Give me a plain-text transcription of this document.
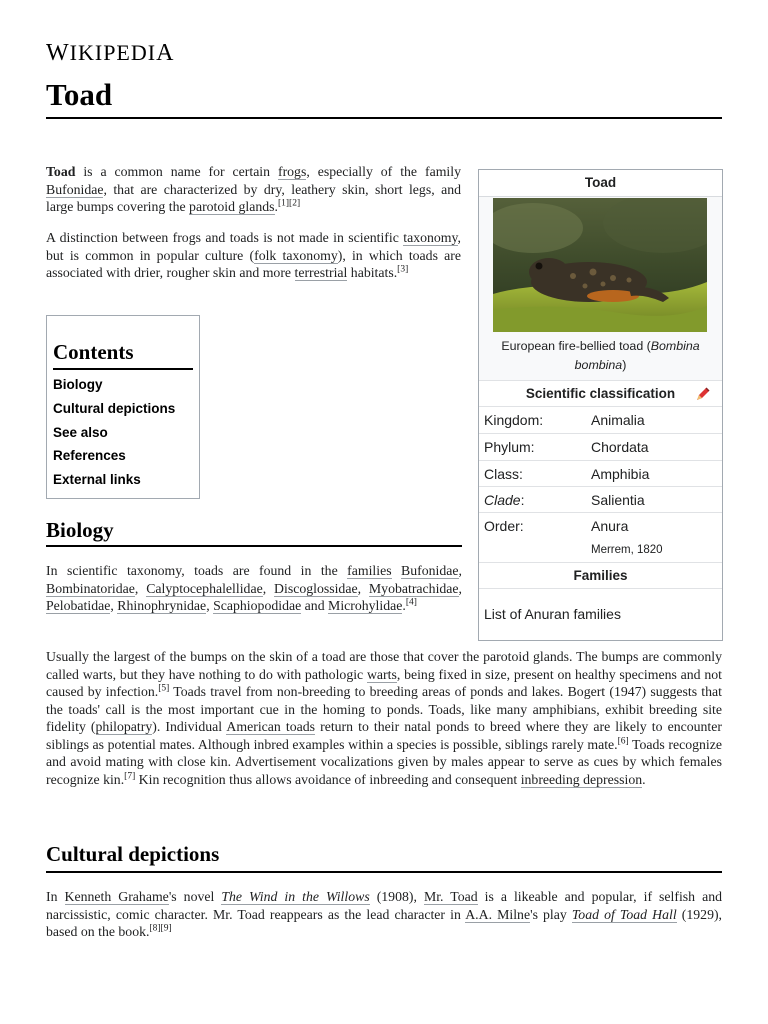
WIKIPEDIA
Toad

Toad is a common name for certain frogs, especially of the family Bufonidae, that are characterized by dry, leathery skin, short legs, and large bumps covering the parotoid glands.[1][2]

A distinction between frogs and toads is not made in scientific taxonomy, but is common in popular culture (folk taxonomy), in which toads are associated with drier, rougher skin and more terrestrial habitats.[3]

Contents
Biology
Cultural depictions
See also
References
External links
Toad
European fire-bellied toad (Bombina bombina)
Scientific classification
Kingdom:	Animalia
Phylum:	Chordata
Class:	Amphibia
Clade:	Salientia
Order:	Anura
Merrem, 1820
Families
List of Anuran families
Biology

In scientific taxonomy, toads are found in the families Bufonidae, Bombinatoridae, Calyptocephalellidae, Discoglossidae, Myobatrachidae, Pelobatidae, Rhinophrynidae, Scaphiopodidae and Microhylidae.[4]

Usually the largest of the bumps on the skin of a toad are those that cover the parotoid glands. The bumps are commonly called warts, but they have nothing to do with pathologic warts, being fixed in size, present on healthy specimens and not caused by infection.[5] Toads travel from non-breeding to breeding areas of ponds and lakes. Bogert (1947) suggests that the toads' call is the most important cue in the homing to ponds. Toads, like many amphibians, exhibit breeding site fidelity (philopatry). Individual American toads return to their natal ponds to breed where they are likely to encounter siblings as potential mates. Although inbred examples within a species is possible, siblings rarely mate.[6] Toads recognize and avoid mating with close kin. Advertisement vocalizations given by males appear to serve as cues by which females recognize kin.[7] Kin recognition thus allows avoidance of inbreeding and consequent inbreeding depression.

Cultural depictions

In Kenneth Grahame's novel The Wind in the Willows (1908), Mr. Toad is a likeable and popular, if selfish and narcissistic, comic character. Mr. Toad reappears as the lead character in A.A. Milne's play Toad of Toad Hall (1929), based on the book.[8][9]
